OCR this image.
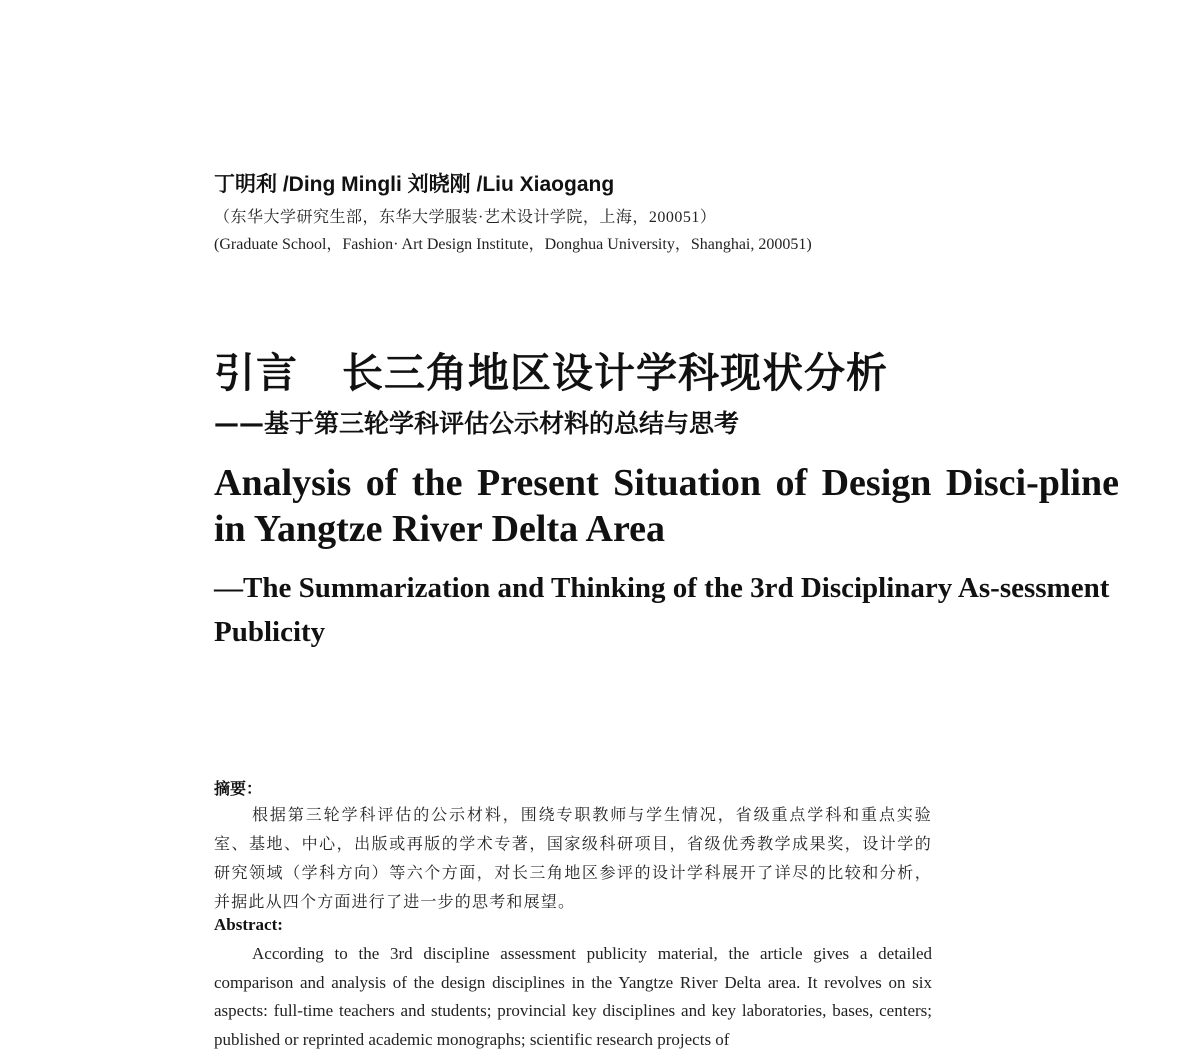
丁明利 /Ding Mingli 刘晓刚 /Liu Xiaogang
（东华大学研究生部，东华大学服装·艺术设计学院，上海，200051）
(Graduate School，Fashion· Art Design Institute，Donghua University，Shanghai, 200051)
引言 长三角地区设计学科现状分析
——基于第三轮学科评估公示材料的总结与思考
Analysis of the Present Situation of Design Disci-pline in Yangtze River Delta Area
—The Summarization and Thinking of the 3rd Disciplinary As-sessment Publicity
摘要：
根据第三轮学科评估的公示材料，围绕专职教师与学生情况，省级重点学科和重点实验室、基地、中心，出版或再版的学术专著，国家级科研项目，省级优秀教学成果奖，设计学的研究领域（学科方向）等六个方面，对长三角地区参评的设计学科展开了详尽的比较和分析，并据此从四个方面进行了进一步的思考和展望。
Abstract:
According to the 3rd discipline assessment publicity material, the article gives a detailed comparison and analysis of the design disciplines in the Yangtze River Delta area. It revolves on six aspects: full-time teachers and students; provincial key disciplines and key laboratories, bases, centers; published or reprinted academic monographs; scientific research projects of
